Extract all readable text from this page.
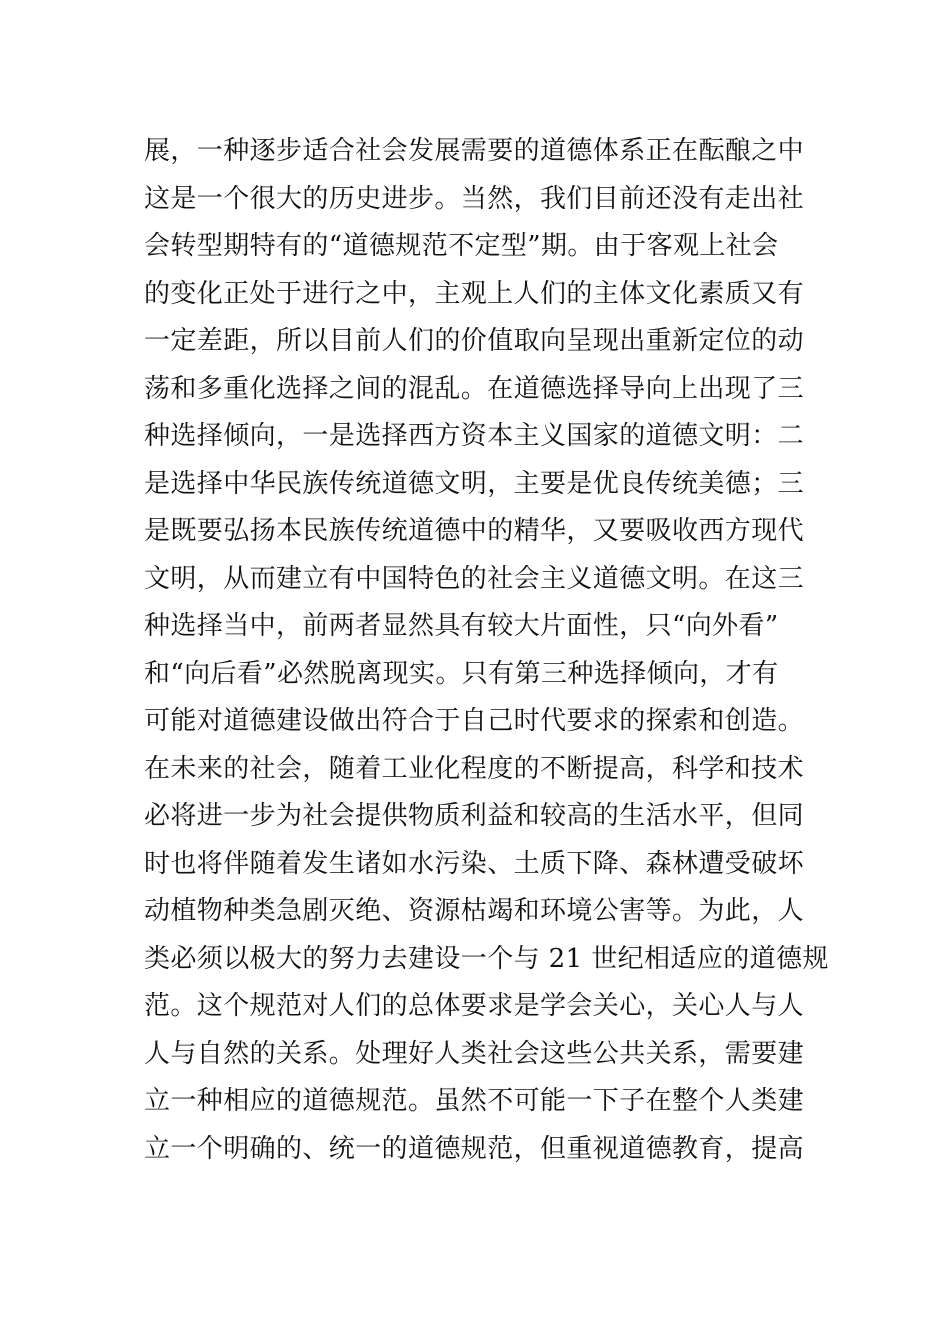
展，一种逐步适合社会发展需要的道德体系正在酝酿之中
这是一个很大的历史进步。当然，我们目前还没有走出社
会转型期特有的“道德规范不定型”期。由于客观上社会
的变化正处于进行之中，主观上人们的主体文化素质又有
一定差距，所以目前人们的价值取向呈现出重新定位的动
荡和多重化选择之间的混乱。在道德选择导向上出现了三
种选择倾向，一是选择西方资本主义国家的道德文明：二
是选择中华民族传统道德文明，主要是优良传统美德；三
是既要弘扬本民族传统道德中的精华，又要吸收西方现代
文明，从而建立有中国特色的社会主义道德文明。在这三
种选择当中，前两者显然具有较大片面性，只“向外看”
和“向后看”必然脱离现实。只有第三种选择倾向，才有
可能对道德建设做出符合于自己时代要求的探索和创造。
在未来的社会，随着工业化程度的不断提高，科学和技术
必将进一步为社会提供物质利益和较高的生活水平，但同
时也将伴随着发生诸如水污染、土质下降、森林遭受破坏
动植物种类急剧灭绝、资源枯竭和环境公害等。为此，人
类必须以极大的努力去建设一个与 21 世纪相适应的道德规
范。这个规范对人们的总体要求是学会关心，关心人与人
人与自然的关系。处理好人类社会这些公共关系，需要建
立一种相应的道德规范。虽然不可能一下子在整个人类建
立一个明确的、统一的道德规范，但重视道德教育，提高
